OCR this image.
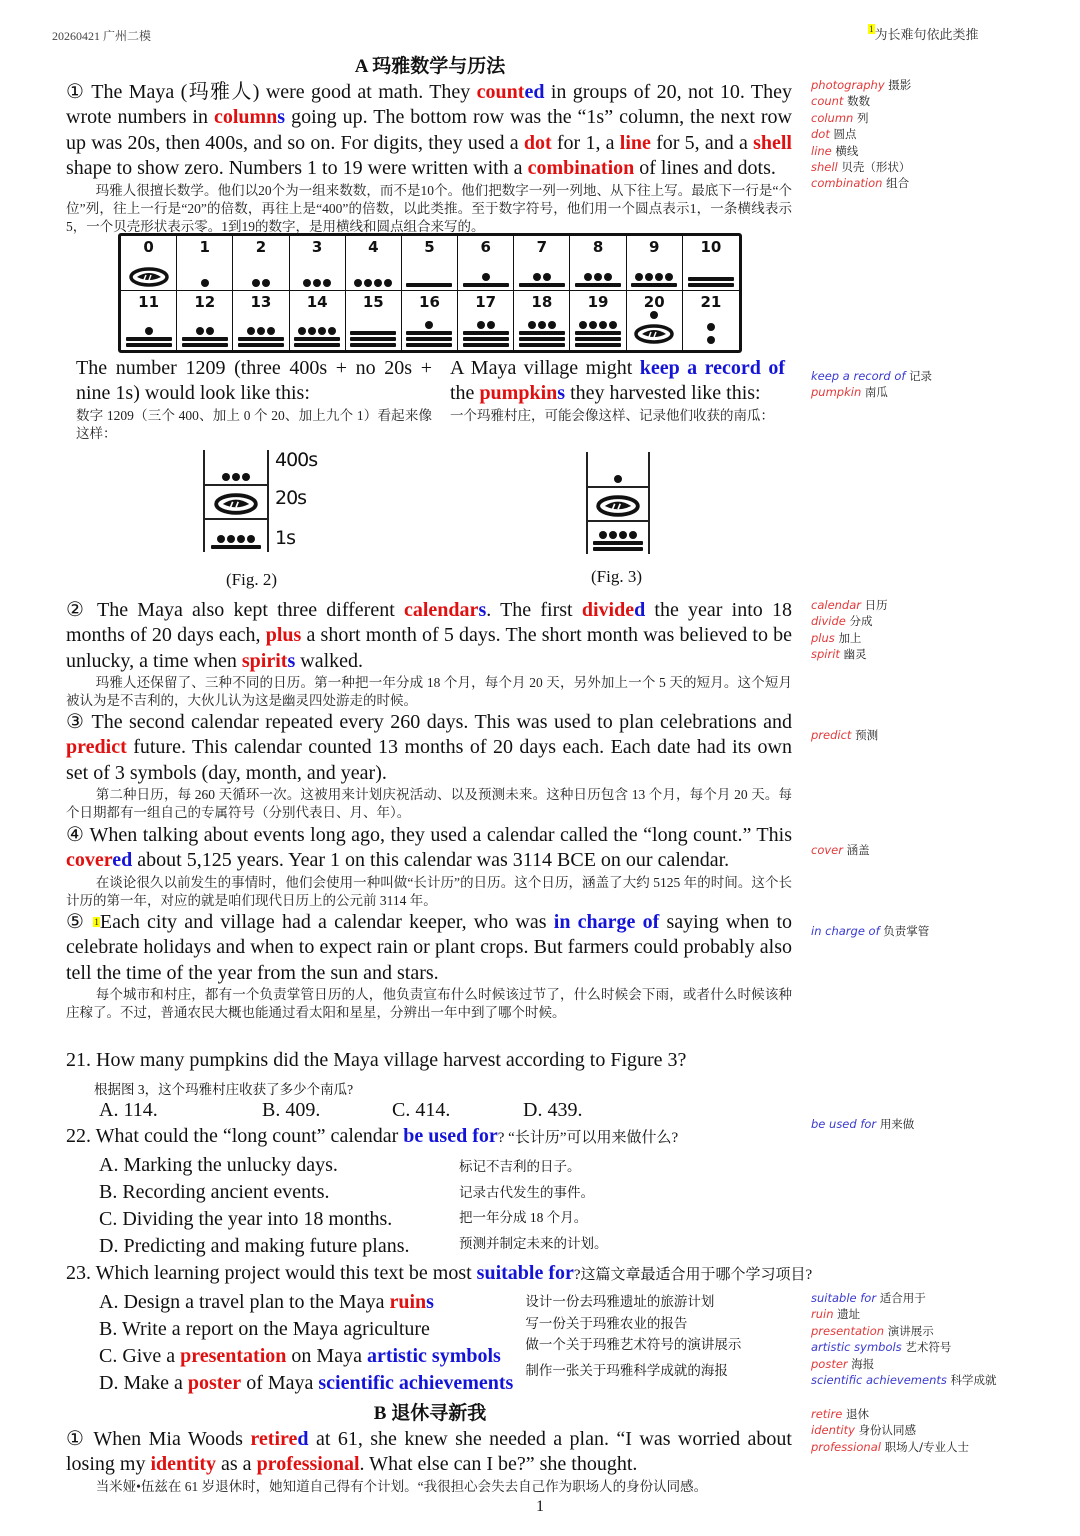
20260421 广州二模	$^1$为长难句依此类推
A 玛雅数学与历法
① The Maya (玛雅人) were good at math. They counted in groups of 20, not 10. They wrote numbers in columns going up. The bottom row was the “1s” column, the next row up was 20s, then 400s, and so on. For digits, they used a dot for 1, a line for 5, and a shell shape to show zero. Numbers 1 to 19 were written with a combination of lines and dots.
玛雅人很擅长数学。他们以20个为一组来数数，而不是10个。他们把数字一列一列地、从下往上写。最底下一行是“个位”列，往上一行是“20”的倍数，再往上是“400”的倍数，以此类推。至于数字符号，他们用一个圆点表示1，一条横线表示5，一个贝壳形状表示零。1到19的数字，是用横线和圆点组合来写的。
0	1	2	3	4	5	6	7	8	9	10
11 12 13 14 15 16 17 18 19 20 21
The number 1209 (three 400s + no 20s + nine 1s) would look like this:
数字 1209（三个 400、加上 0 个 20、加上九个 1）看起来像这样：
A Maya village might keep a record of the pumpkins they harvested like this:
一个玛雅村庄，可能会像这样、记录他们收获的南瓜：
400s
20s
1s
(Fig. 2)	(Fig. 3)
② The Maya also kept three different calendars. The first divided the year into 18 months of 20 days each, plus a short month of 5 days. The short month was believed to be unlucky, a time when spirits walked.
玛雅人还保留了、三种不同的日历。第一种把一年分成 18 个月，每个月 20 天，另外加上一个 5 天的短月。这个短月被认为是不吉利的，大伙儿认为这是幽灵四处游走的时候。
③ The second calendar repeated every 260 days. This was used to plan celebrations and predict future. This calendar counted 13 months of 20 days each. Each date had its own set of 3 symbols (day, month, and year).
第二种日历，每 260 天循环一次。这被用来计划庆祝活动、以及预测未来。这种日历包含 13 个月，每个月 20 天。每个日期都有一组自己的专属符号（分别代表日、月、年）。
④ When talking about events long ago, they used a calendar called the “long count.” This covered about 5,125 years. Year 1 on this calendar was 3114 BCE on our calendar.
在谈论很久以前发生的事情时，他们会使用一种叫做“长计历”的日历。这个日历，涵盖了大约 5125 年的时间。这个长计历的第一年，对应的就是咱们现代日历上的公元前 3114 年。
⑤ $^1$Each city and village had a calendar keeper, who was in charge of saying when to celebrate holidays and when to expect rain or plant crops. But farmers could probably also tell the time of the year from the sun and stars.
每个城市和村庄，都有一个负责掌管日历的人，他负责宣布什么时候该过节了，什么时候会下雨，或者什么时候该种庄稼了。不过，普通农民大概也能通过看太阳和星星，分辨出一年中到了哪个时候。
21. How many pumpkins did the Maya village harvest according to Figure 3?
根据图 3，这个玛雅村庄收获了多少个南瓜?
A. 114.	B. 409.	C. 414.	D. 439.
22. What could the “long count” calendar be used for? “长计历”可以用来做什么?
A. Marking the unlucky days.	标记不吉利的日子。
B. Recording ancient events.	记录古代发生的事件。
C. Dividing the year into 18 months.	把一年分成 18 个月。
D. Predicting and making future plans.	预测并制定未来的计划。
23. Which learning project would this text be most suitable for?这篇文章最适合用于哪个学习项目?
A. Design a travel plan to the Maya ruins	设计一份去玛雅遗址的旅游计划
B. Write a report on the Maya agriculture	写一份关于玛雅农业的报告
C. Give a presentation on Maya artistic symbols
做一个关于玛雅艺术符号的演讲展示
D. Make a poster of Maya scientific achievements
制作一张关于玛雅科学成就的海报
B 退休寻新我
① When Mia Woods retired at 61, she knew she needed a plan. “I was worried about losing my identity as a professional. What else can I be?” she thought.
当米娅•伍兹在 61 岁退休时，她知道自己得有个计划。“我很担心会失去自己作为职场人的身份认同感。
photography 摄影
count 数数
column 列
dot 圆点
line 横线
shell 贝壳（形状）
combination 组合
keep a record of 记录
pumpkin 南瓜
calendar 日历
divide 分成
plus 加上
spirit 幽灵
predict 预测
cover 涵盖
in charge of 负责掌管
be used for 用来做
suitable for 适合用于
ruin 遗址
presentation 演讲展示
artistic symbols 艺术符号
poster 海报
scientific achievements 科学成就
retire 退休
identity 身份认同感
professional 职场人/专业人士
1
